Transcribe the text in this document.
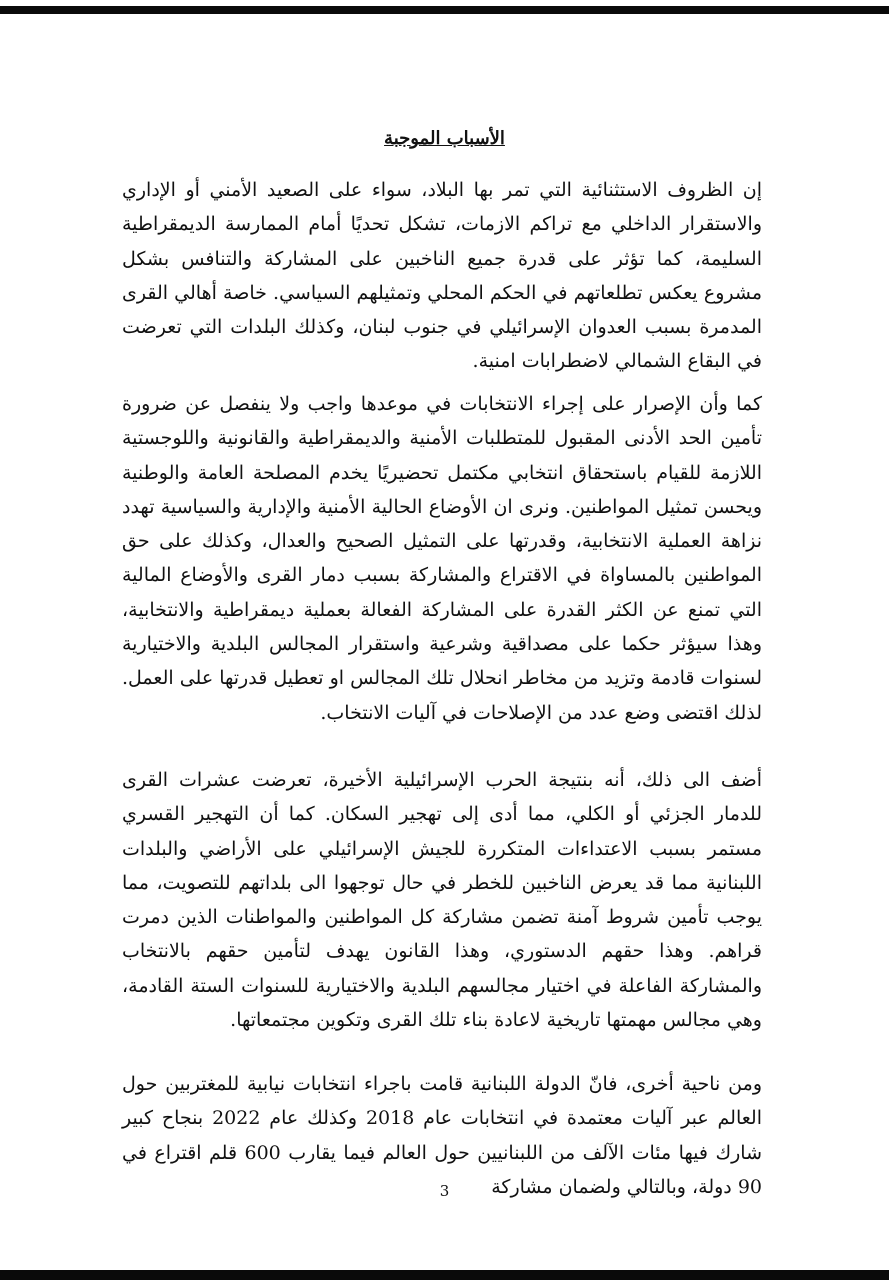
الأسباب الموجبة

إن الظروف الاستثنائية التي تمر بها البلاد، سواء على الصعيد الأمني أو الإداري والاستقرار الداخلي مع تراكم الازمات، تشكل تحديًا أمام الممارسة الديمقراطية السليمة، كما تؤثر على قدرة جميع الناخبين على المشاركة والتنافس بشكل مشروع يعكس تطلعاتهم في الحكم المحلي وتمثيلهم السياسي. خاصة أهالي القرى المدمرة بسبب العدوان الإسرائيلي في جنوب لبنان، وكذلك البلدات التي تعرضت في البقاع الشمالي لاضطرابات امنية.

كما وأن الإصرار على إجراء الانتخابات في موعدها واجب ولا ينفصل عن ضرورة تأمين الحد الأدنى المقبول للمتطلبات الأمنية والديمقراطية والقانونية واللوجستية اللازمة للقيام باستحقاق انتخابي مكتمل تحضيريًا يخدم المصلحة العامة والوطنية ويحسن تمثيل المواطنين. ونرى ان الأوضاع الحالية الأمنية والإدارية والسياسية تهدد نزاهة العملية الانتخابية، وقدرتها على التمثيل الصحيح والعدال، وكذلك على حق المواطنين بالمساواة في الاقتراع والمشاركة بسبب دمار القرى والأوضاع المالية التي تمنع عن الكثر القدرة على المشاركة الفعالة بعملية ديمقراطية والانتخابية، وهذا سيؤثر حكما على مصداقية وشرعية واستقرار المجالس البلدية والاختيارية لسنوات قادمة وتزيد من مخاطر انحلال تلك المجالس او تعطيل قدرتها على العمل. لذلك اقتضى وضع عدد من الإصلاحات في آليات الانتخاب.

أضف الى ذلك، أنه بنتيجة الحرب الإسرائيلية الأخيرة، تعرضت عشرات القرى للدمار الجزئي أو الكلي، مما أدى إلى تهجير السكان. كما أن التهجير القسري مستمر بسبب الاعتداءات المتكررة للجيش الإسرائيلي على الأراضي والبلدات اللبنانية مما قد يعرض الناخبين للخطر في حال توجهوا الى بلداتهم للتصويت، مما يوجب تأمين شروط آمنة تضمن مشاركة كل المواطنين والمواطنات الذين دمرت قراهم. وهذا حقهم الدستوري، وهذا القانون يهدف لتأمين حقهم بالانتخاب والمشاركة الفاعلة في اختيار مجالسهم البلدية والاختيارية للسنوات الستة القادمة، وهي مجالس مهمتها تاريخية لاعادة بناء تلك القرى وتكوين مجتمعاتها.

ومن ناحية أخرى، فانّ الدولة اللبنانية قامت باجراء انتخابات نيابية للمغتربين حول العالم عبر آليات معتمدة في انتخابات عام 2018 وكذلك عام 2022 بنجاح كبير شارك فيها مئات الآلف من اللبنانيين حول العالم فيما يقارب 600 قلم اقتراع في 90 دولة، وبالتالي ولضمان مشاركة

3
